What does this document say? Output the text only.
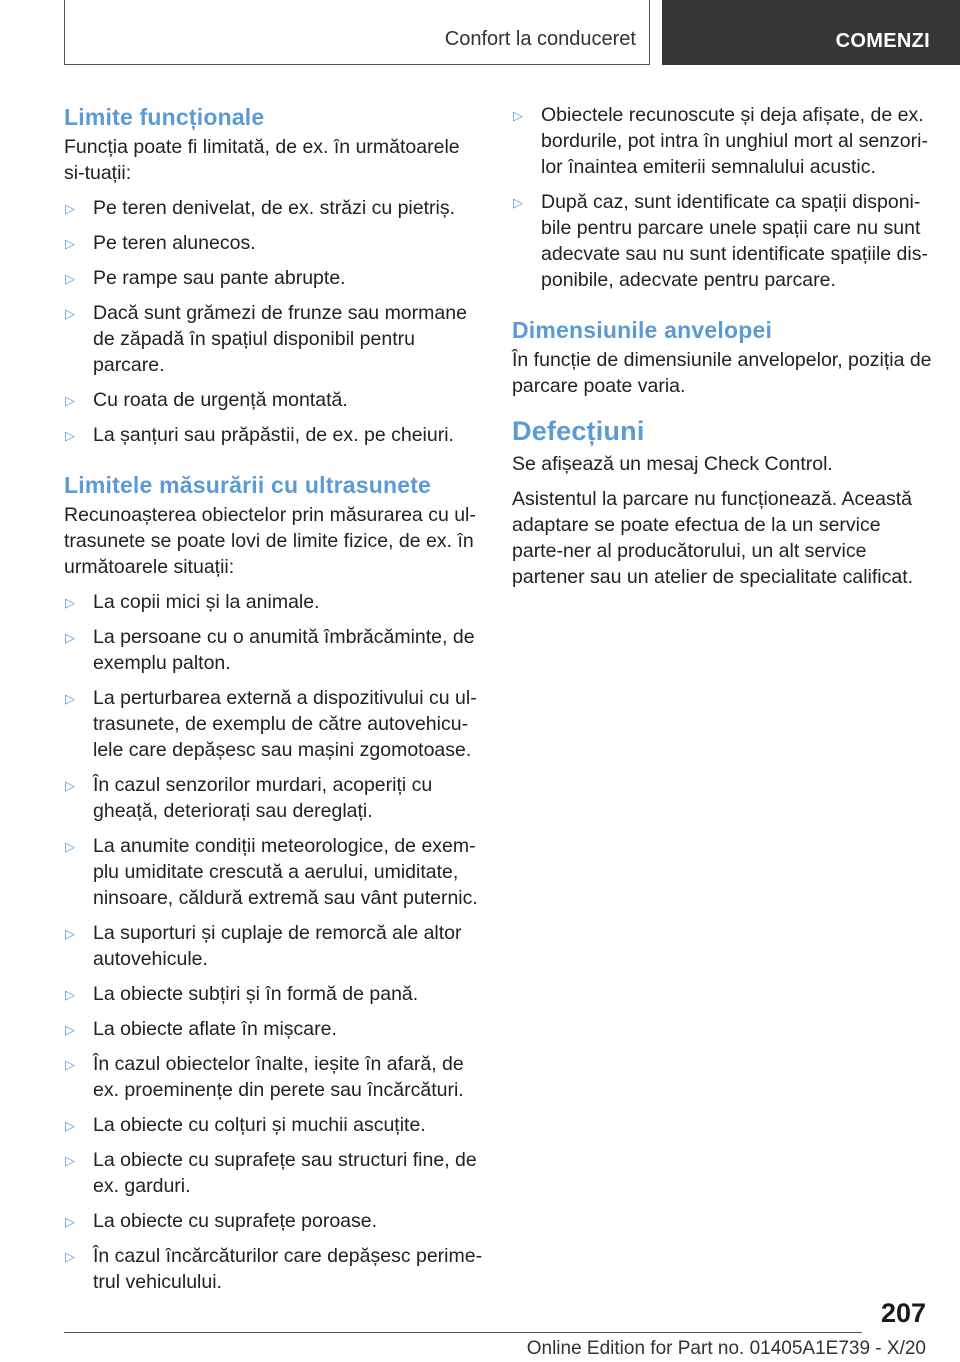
Confort la conduceret	COMENZI
Limite funcționale

Funcția poate fi limitată, de ex. în următoarele si-tuații:

▷ Pe teren denivelat, de ex. străzi cu pietriș.
▷ Pe teren alunecos.
▷ Pe rampe sau pante abrupte.
▷ Dacă sunt grămezi de frunze sau mormane de zăpadă în spațiul disponibil pentru parcare.
▷ Cu roata de urgență montată.
▷ La șanțuri sau prăpăstii, de ex. pe cheiuri.
Limitele măsurării cu ultrasunete

Recunoașterea obiectelor prin măsurarea cu ul-trasunete se poate lovi de limite fizice, de ex. în următoarele situații:

▷ La copii mici și la animale.
▷ La persoane cu o anumită îmbrăcăminte, de exemplu palton.
▷ La perturbarea externă a dispozitivului cu ul-trasunete, de exemplu de către autovehicu-lele care depășesc sau mașini zgomotoase.
▷ În cazul senzorilor murdari, acoperiți cu gheață, deteriorați sau dereglați.
▷ La anumite condiții meteorologice, de exem-plu umiditate crescută a aerului, umiditate, ninsoare, căldură extremă sau vânt puternic.
▷ La suporturi și cuplaje de remorcă ale altor autovehicule.
▷ La obiecte subțiri și în formă de pană.
▷ La obiecte aflate în mișcare.
▷ În cazul obiectelor înalte, ieșite în afară, de ex. proeminențe din perete sau încărcături.
▷ La obiecte cu colțuri și muchii ascuțite.
▷ La obiecte cu suprafețe sau structuri fine, de ex. garduri.
▷ La obiecte cu suprafețe poroase.
▷ În cazul încărcăturilor care depășesc perime-trul vehiculului.
▷ Obiectele recunoscute și deja afișate, de ex. bordurile, pot intra în unghiul mort al senzori-lor înaintea emiterii semnalului acustic.
▷ După caz, sunt identificate ca spații disponi-bile pentru parcare unele spații care nu sunt adecvate sau nu sunt identificate spațiile dis-ponibile, adecvate pentru parcare.
Dimensiunile anvelopei

În funcție de dimensiunile anvelopelor, poziția de parcare poate varia.

Defecțiuni

Se afișează un mesaj Check Control.

Asistentul la parcare nu funcționează. Această adaptare se poate efectua de la un service parte-ner al producătorului, un alt service partener sau un atelier de specialitate calificat.

207
Online Edition for Part no. 01405A1E739 - X/20
